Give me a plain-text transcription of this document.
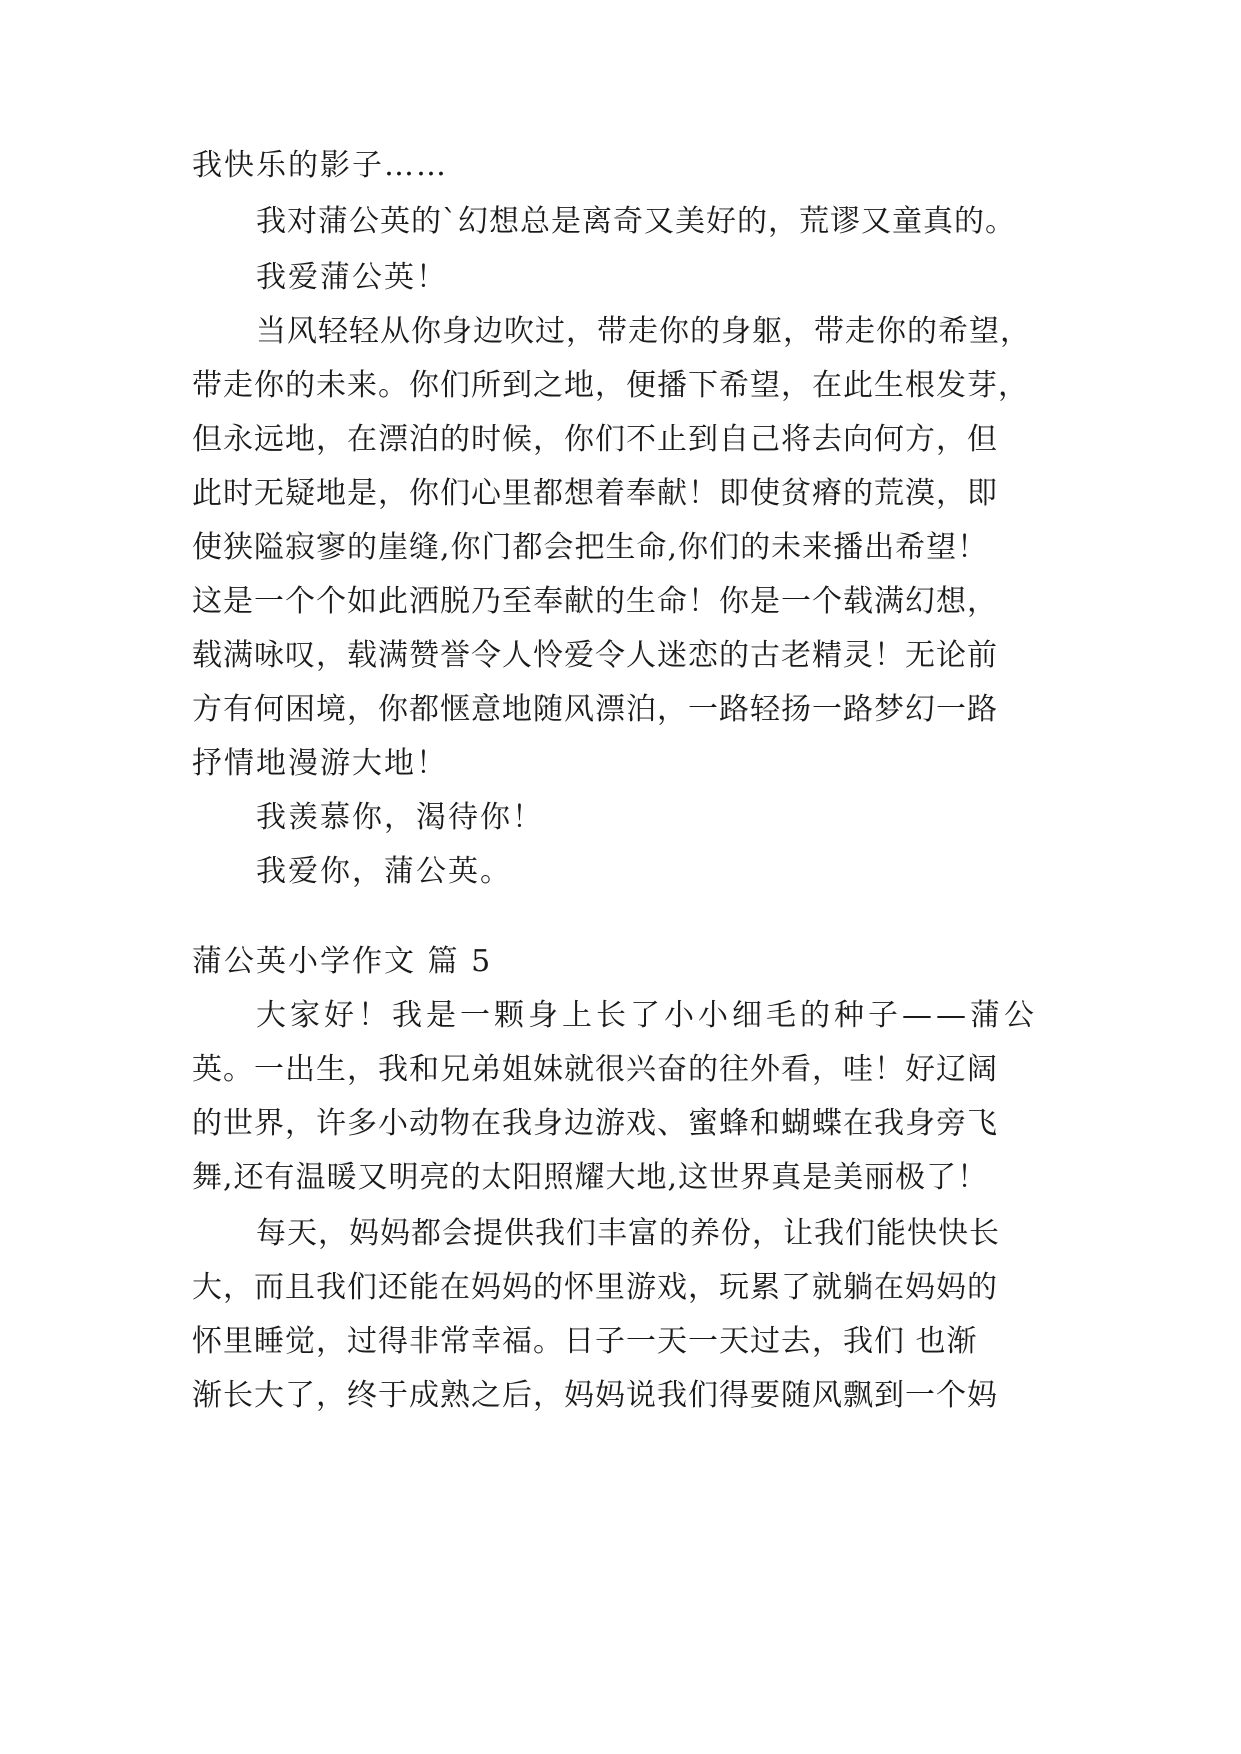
我快乐的影子……
我对蒲公英的`幻想总是离奇又美好的，荒谬又童真的。
我爱蒲公英！
当风轻轻从你身边吹过，带走你的身躯，带走你的希望，
带走你的未来。你们所到之地，便播下希望，在此生根发芽，
但永远地，在漂泊的时候，你们不止到自己将去向何方，但
此时无疑地是，你们心里都想着奉献！即使贫瘠的荒漠，即
使狭隘寂寥的崖缝,你门都会把生命,你们的未来播出希望！
这是一个个如此洒脱乃至奉献的生命！你是一个载满幻想，
载满咏叹，载满赞誉令人怜爱令人迷恋的古老精灵！无论前
方有何困境，你都惬意地随风漂泊，一路轻扬一路梦幻一路
抒情地漫游大地！
我羡慕你，渴待你！
我爱你，蒲公英。
蒲公英小学作文 篇 5
大家好！我是一颗身上长了小小细毛的种子——蒲公
英。一出生，我和兄弟姐妹就很兴奋的往外看，哇！好辽阔
的世界，许多小动物在我身边游戏、蜜蜂和蝴蝶在我身旁飞
舞,还有温暖又明亮的太阳照耀大地,这世界真是美丽极了！
每天，妈妈都会提供我们丰富的养份，让我们能快快长
大，而且我们还能在妈妈的怀里游戏，玩累了就躺在妈妈的
怀里睡觉，过得非常幸福。日子一天一天过去，我们 也渐
渐长大了，终于成熟之后，妈妈说我们得要随风飘到一个妈
